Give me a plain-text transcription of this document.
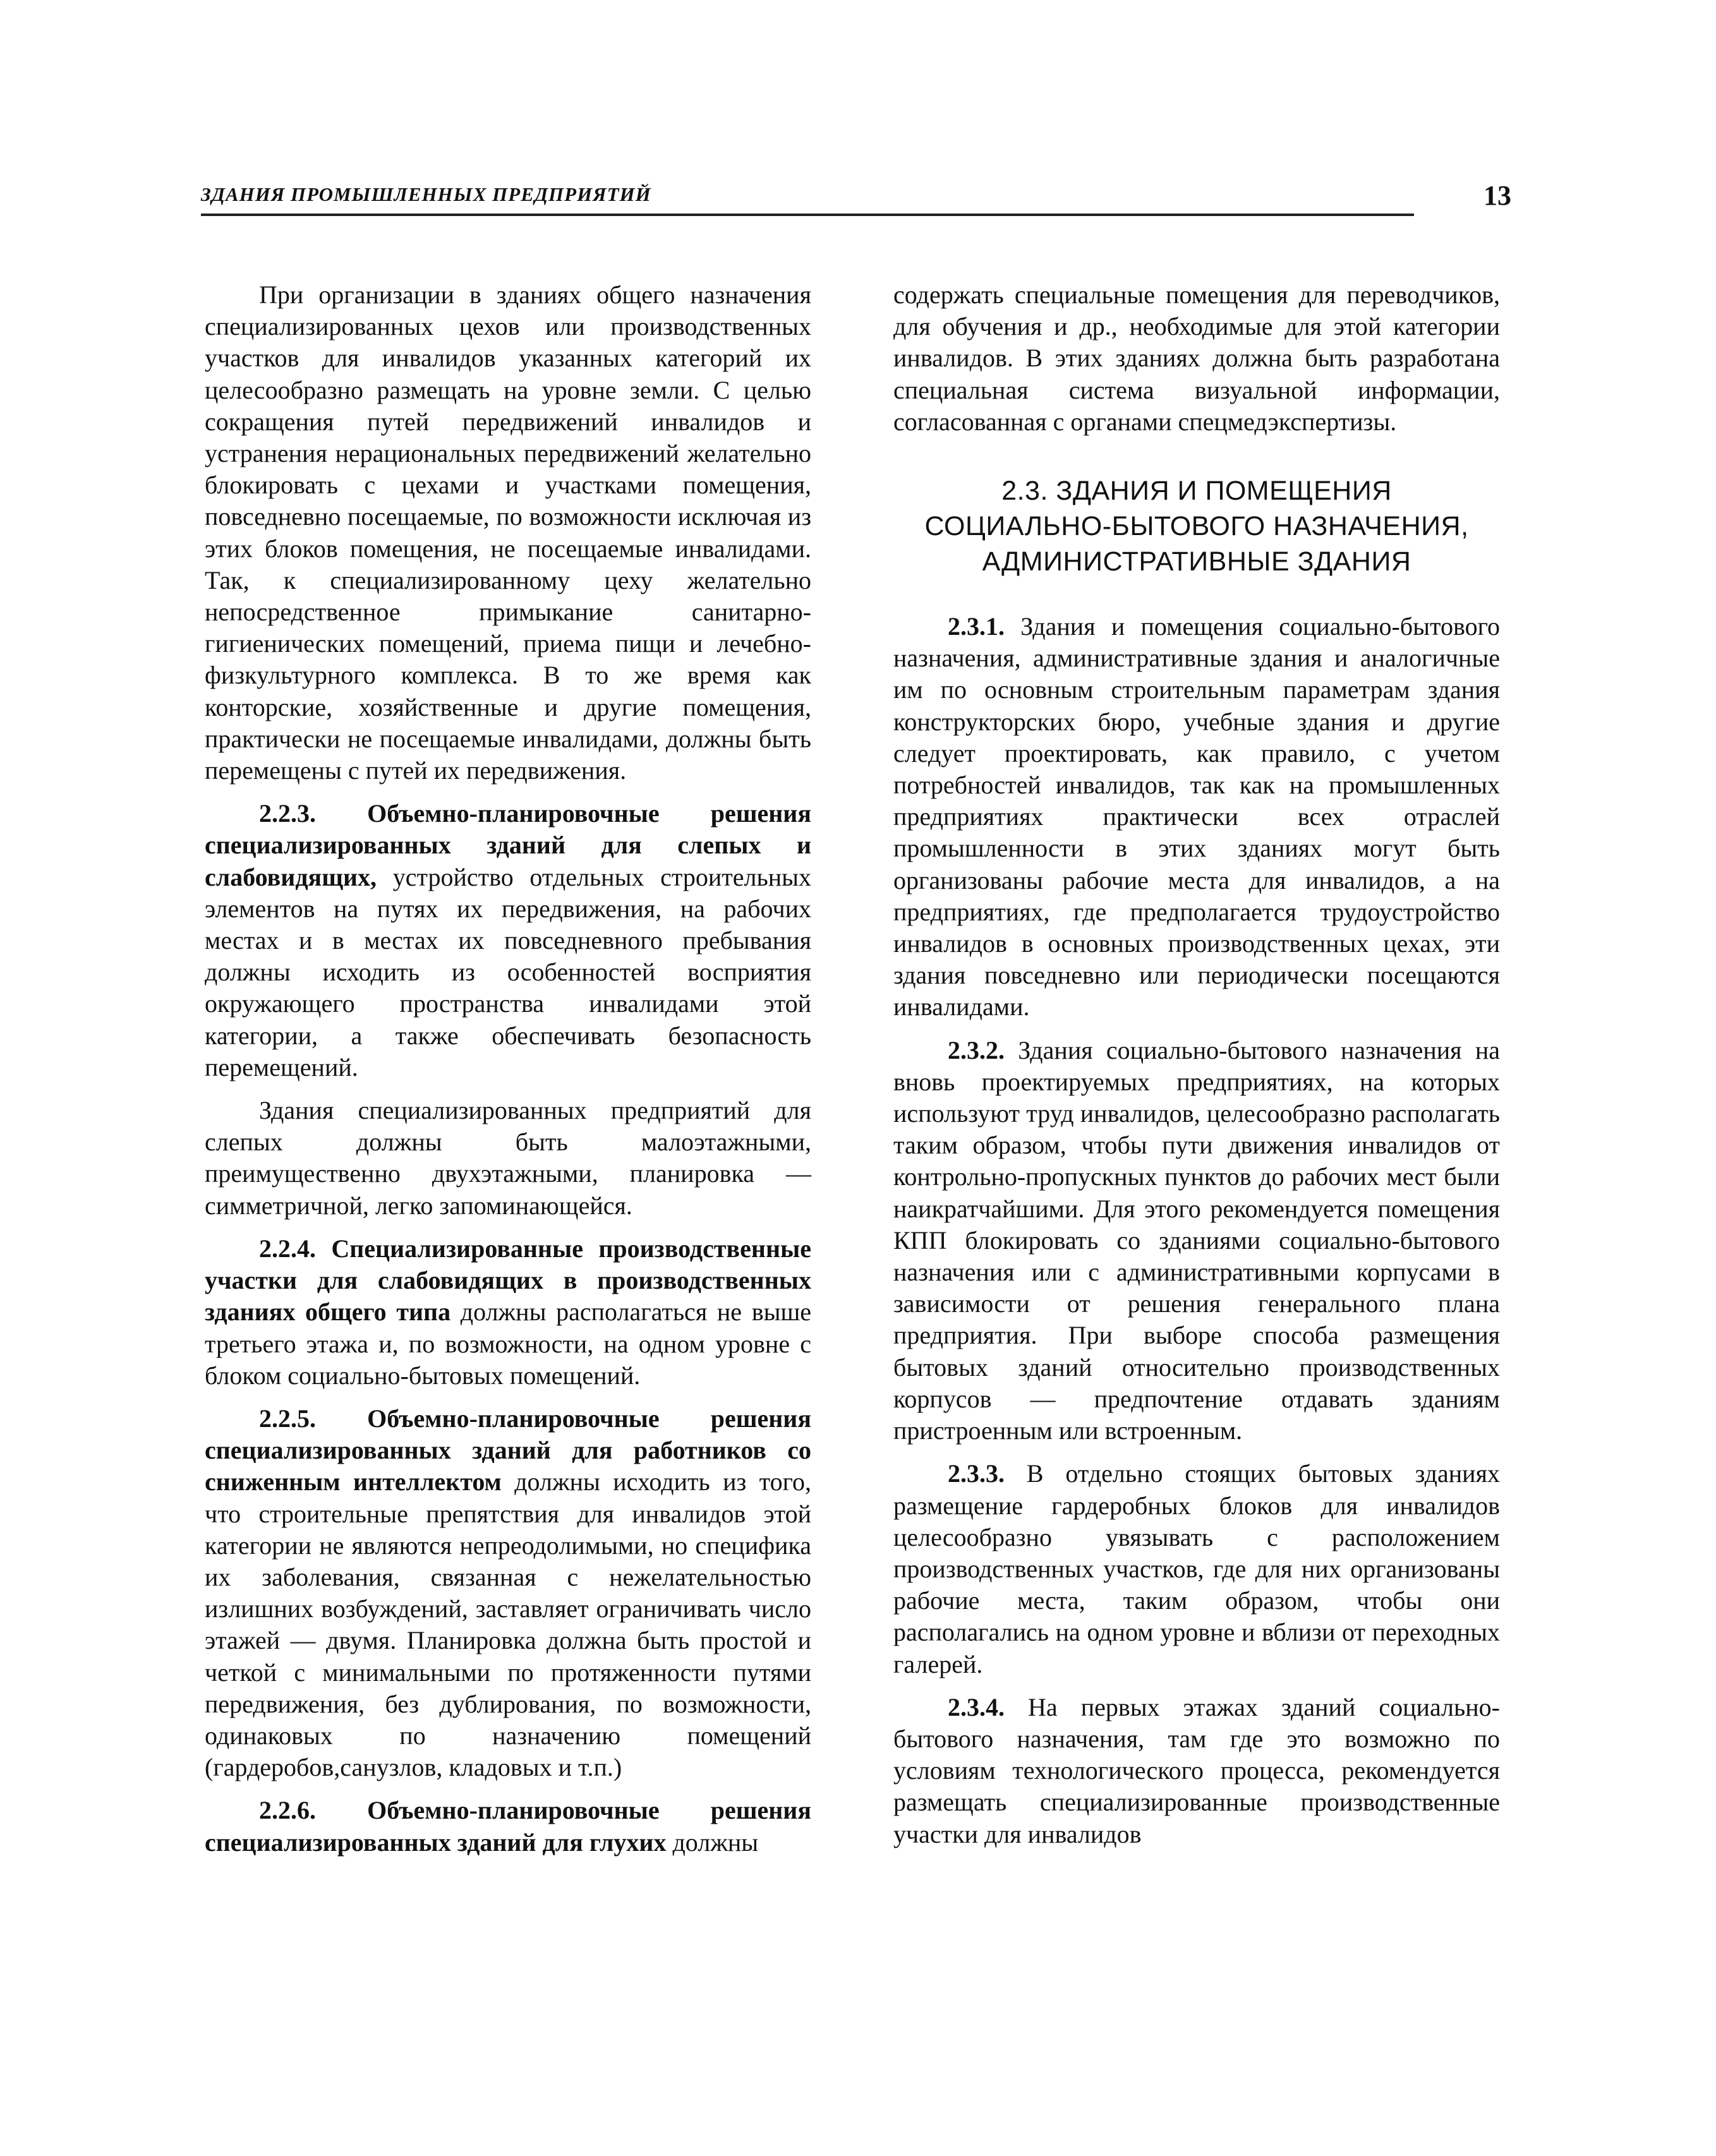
ЗДАНИЯ ПРОМЫШЛЕННЫХ ПРЕДПРИЯТИЙ	13

При организации в зданиях общего назначения специализированных цехов или производственных участков для инвалидов указанных категорий их целесообразно размещать на уровне земли. С целью сокращения путей передвижений инвалидов и устранения нерациональных передвижений желательно блокировать с цехами и участками помещения, повседневно посещаемые, по возможности исключая из этих блоков помещения, не посещаемые инвалидами. Так, к специализированному цеху желательно непосредственное примыкание санитарно-гигиенических помещений, приема пищи и лечебно-физкультурного комплекса. В то же время как конторские, хозяйственные и другие помещения, практически не посещаемые инвалидами, должны быть перемещены с путей их передвижения.

2.2.3. Объемно-планировочные решения специализированных зданий для слепых и слабовидящих, устройство отдельных строительных элементов на путях их передвижения, на рабочих местах и в местах их повседневного пребывания должны исходить из особенностей восприятия окружающего пространства инвалидами этой категории, а также обеспечивать безопасность перемещений.

Здания специализированных предприятий для слепых должны быть малоэтажными, преимущественно двухэтажными, планировка — симметричной, легко запоминающейся.

2.2.4. Специализированные производственные участки для слабовидящих в производственных зданиях общего типа должны располагаться не выше третьего этажа и, по возможности, на одном уровне с блоком социально-бытовых помещений.

2.2.5. Объемно-планировочные решения специализированных зданий для работников со сниженным интеллектом должны исходить из того, что строительные препятствия для инвалидов этой категории не являются непреодолимыми, но специфика их заболевания, связанная с нежелательностью излишних возбуждений, заставляет ограничивать число этажей — двумя. Планировка должна быть простой и четкой с минимальными по протяженности путями передвижения, без дублирования, по возможности, одинаковых по назначению помещений (гардеробов,санузлов, кладовых и т.п.)

2.2.6. Объемно-планировочные решения специализированных зданий для глухих должны

содержать специальные помещения для переводчиков, для обучения и др., необходимые для этой категории инвалидов. В этих зданиях должна быть разработана специальная система визуальной информации, согласованная с органами спецмедэкспертизы.

2.3. ЗДАНИЯ И ПОМЕЩЕНИЯ
СОЦИАЛЬНО-БЫТОВОГО НАЗНАЧЕНИЯ,
АДМИНИСТРАТИВНЫЕ ЗДАНИЯ

2.3.1. Здания и помещения социально-бытового назначения, административные здания и аналогичные им по основным строительным параметрам здания конструкторских бюро, учебные здания и другие следует проектировать, как правило, с учетом потребностей инвалидов, так как на промышленных предприятиях практически всех отраслей промышленности в этих зданиях могут быть организованы рабочие места для инвалидов, а на предприятиях, где предполагается трудоустройство инвалидов в основных производственных цехах, эти здания повседневно или периодически посещаются инвалидами.

2.3.2. Здания социально-бытового назначения на вновь проектируемых предприятиях, на которых используют труд инвалидов, целесообразно располагать таким образом, чтобы пути движения инвалидов от контрольно-пропускных пунктов до рабочих мест были наикратчайшими. Для этого рекомендуется помещения КПП блокировать со зданиями социально-бытового назначения или с административными корпусами в зависимости от решения генерального плана предприятия. При выборе способа размещения бытовых зданий относительно производственных корпусов — предпочтение отдавать зданиям пристроенным или встроенным.

2.3.3. В отдельно стоящих бытовых зданиях размещение гардеробных блоков для инвалидов целесообразно увязывать с расположением производственных участков, где для них организованы рабочие места, таким образом, чтобы они располагались на одном уровне и вблизи от переходных галерей.

2.3.4. На первых этажах зданий социально-бытового назначения, там где это возможно по условиям технологического процесса, рекомендуется размещать специализированные производственные участки для инвалидов
